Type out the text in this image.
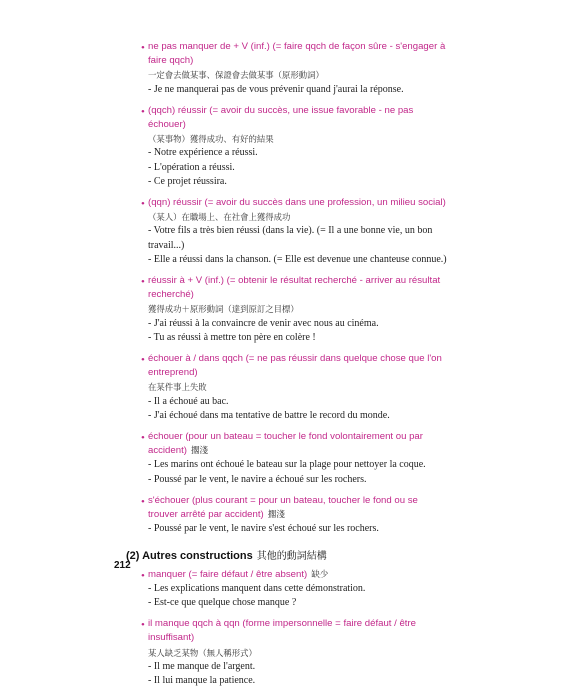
• ne pas manquer de + V (inf.) (= faire qqch de façon sûre - s'engager à faire qqch)
一定會去做某事、保證會去做某事（原形動詞）
- Je ne manquerai pas de vous prévenir quand j'aurai la réponse.
• (qqch) réussir (= avoir du succès, une issue favorable - ne pas échouer)
（某事物）獲得成功、有好的結果
- Notre expérience a réussi.
- L'opération a réussi.
- Ce projet réussira.
• (qqn) réussir (= avoir du succès dans une profession, un milieu social)
（某人）在職場上、在社會上獲得成功
- Votre fils a très bien réussi (dans la vie). (= Il a une bonne vie, un bon travail...)
- Elle a réussi dans la chanson. (= Elle est devenue une chanteuse connue.)
• réussir à + V (inf.) (= obtenir le résultat recherché - arriver au résultat recherché)
獲得成功＋原形動詞（達到原訂之目標）
- J'ai réussi à la convaincre de venir avec nous au cinéma.
- Tu as réussi à mettre ton père en colère !
• échouer à / dans qqch (= ne pas réussir dans quelque chose que l'on entreprend)
在某件事上失敗
- Il a échoué au bac.
- J'ai échoué dans ma tentative de battre le record du monde.
• échouer (pour un bateau = toucher le fond volontairement ou par accident) 擱淺
- Les marins ont échoué le bateau sur la plage pour nettoyer la coque.
- Poussé par le vent, le navire a échoué sur les rochers.
• s'échouer (plus courant = pour un bateau, toucher le fond ou se trouver arrêté par accident) 擱淺
- Poussé par le vent, le navire s'est échoué sur les rochers.
(2) Autres constructions 其他的動詞結構
• manquer (= faire défaut / être absent) 缺少
- Les explications manquent dans cette démonstration.
- Est-ce que quelque chose manque ?
• il manque qqch à qqn (forme impersonnelle = faire défaut / être insuffisant)
某人缺乏某物（無人稱形式）
- Il me manque de l'argent.
- Il lui manque la patience.
212
